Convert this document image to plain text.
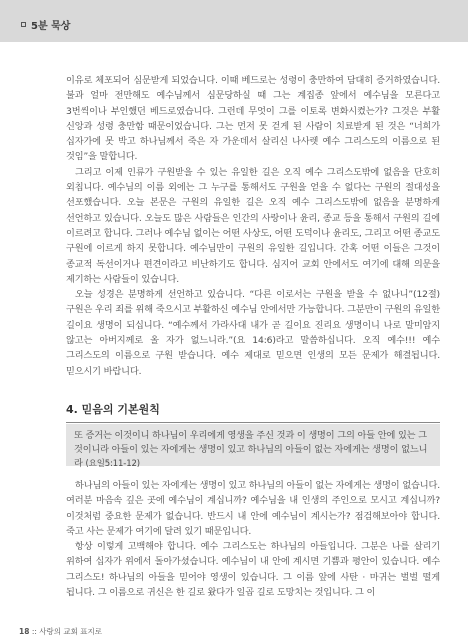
5분 묵상

이유로 체포되어 심문받게 되었습니다. 이때 베드로는 성령이 충만하여 담대히 증거하였습니다. 불과 얼마 전만해도 예수님께서 심문당하실 때 그는 계집종 앞에서 예수님을 모른다고 3번씩이나 부인했던 베드로였습니다. 그런데 무엇이 그를 이토록 변화시켰는가? 그것은 부활 신앙과 성령 충만함 때문이었습니다. 그는 먼저 못 걷게 된 사람이 치료받게 된 것은 “너희가 십자가에 못 박고 하나님께서 죽은 자 가운데서 살리신 나사렛 예수 그리스도의 이름으로 된 것임”을 말합니다.

그리고 이제 인류가 구원받을 수 있는 유일한 길은 오직 예수 그리스도밖에 없음을 단호히 외칩니다. 예수님의 이름 외에는 그 누구를 통해서도 구원을 얻을 수 없다는 구원의 절대성을 선포했습니다. 오늘 본문은 구원의 유일한 길은 오직 예수 그리스도밖에 없음을 분명하게 선언하고 있습니다. 오늘도 많은 사람들은 인간의 사랑이나 윤리, 종교 등을 통해서 구원의 길에 이르려고 합니다. 그러나 예수님 없이는 어떤 사상도, 어떤 도덕이나 윤리도, 그리고 어떤 종교도 구원에 이르게 하지 못합니다. 예수님만이 구원의 유일한 길입니다. 간혹 어떤 이들은 그것이 종교적 독선이거나 편견이라고 비난하기도 합니다. 심지어 교회 안에서도 여기에 대해 의문을 제기하는 사람들이 있습니다.

오늘 성경은 분명하게 선언하고 있습니다. “다른 이로서는 구원을 받을 수 없나니”(12절) 구원은 우리 죄를 위해 죽으시고 부활하신 예수님 안에서만 가능합니다. 그분만이 구원의 유일한 길이요 생명이 되십니다. “예수께서 가라사대 내가 곧 길이요 진리요 생명이니 나로 말미암지 않고는 아버지께로 올 자가 없느니라.”(요 14:6)라고 말씀하십니다. 오직 예수!!! 예수 그리스도의 이름으로 구원 받습니다. 예수 제대로 믿으면 인생의 모든 문제가 해결됩니다. 믿으시기 바랍니다.

4. 믿음의 기본원칙
또 증거는 이것이니 하나님이 우리에게 영생을 주신 것과 이 생명이 그의 아들 안에 있는 그것이니라 아들이 있는 자에게는 생명이 있고 하나님의 아들이 없는 자에게는 생명이 없느니라 (요일5:11-12)

하나님의 아들이 있는 자에게는 생명이 있고 하나님의 아들이 없는 자에게는 생명이 없습니다. 여러분 마음속 깊은 곳에 예수님이 계십니까? 예수님을 내 인생의 주인으로 모시고 계십니까? 이것처럼 중요한 문제가 없습니다. 반드시 내 안에 예수님이 계시는가? 점검해보아야 합니다. 죽고 사는 문제가 여기에 달려 있기 때문입니다.

항상 이렇게 고백해야 합니다. 예수 그리스도는 하나님의 아들입니다. 그분은 나를 살리기 위하여 십자가 위에서 돌아가셨습니다. 예수님이 내 안에 계시면 기쁨과 평안이 있습니다. 예수 그리스도! 하나님의 아들을 믿어야 영생이 있습니다. 그 이름 앞에 사탄 · 마귀는 벌벌 떨게 됩니다. 그 이름으로 귀신은 한 길로 왔다가 일곱 길로 도망치는 것입니다. 그 이

18 :: 사랑의 교회 표지로
